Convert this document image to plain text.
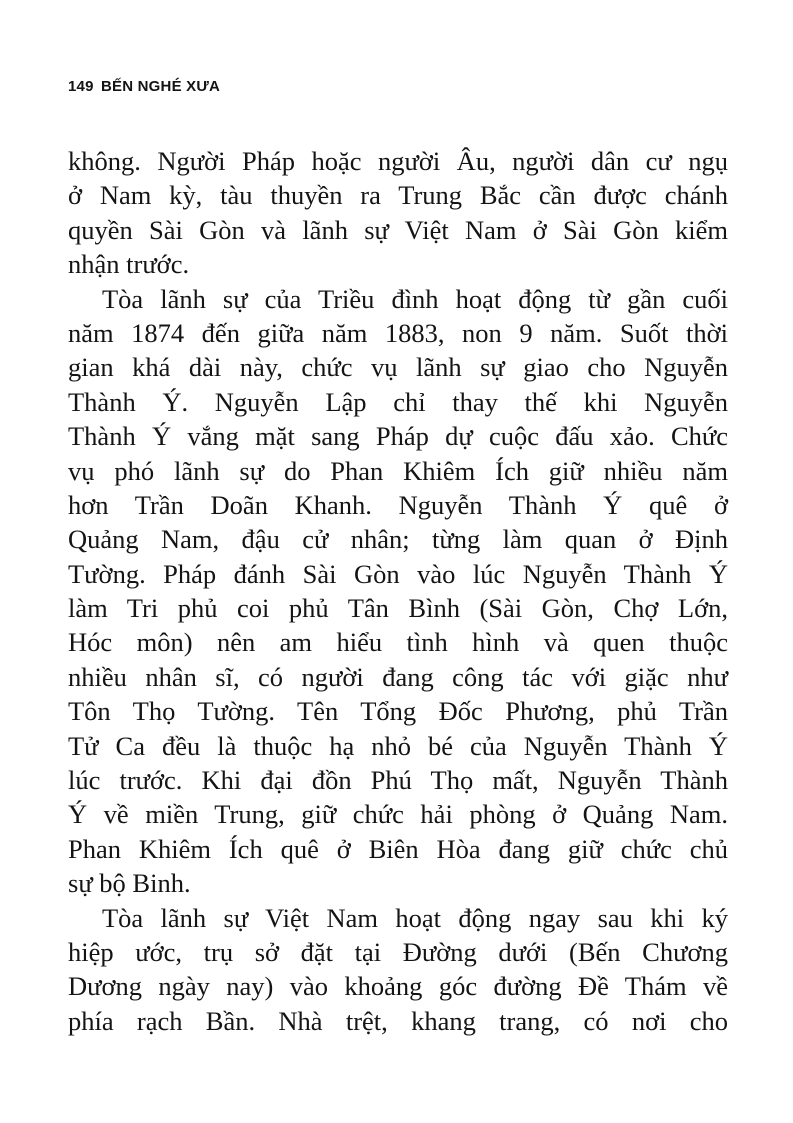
149 BẾN NGHÉ XƯA
không. Người Pháp hoặc người Âu, người dân cư ngụ
ở Nam kỳ, tàu thuyền ra Trung Bắc cần được chánh
quyền Sài Gòn và lãnh sự Việt Nam ở Sài Gòn kiểm
nhận trước.
Tòa lãnh sự của Triều đình hoạt động từ gần cuối
năm 1874 đến giữa năm 1883, non 9 năm. Suốt thời
gian khá dài này, chức vụ lãnh sự giao cho Nguyễn
Thành Ý. Nguyễn Lập chỉ thay thế khi Nguyễn
Thành Ý vắng mặt sang Pháp dự cuộc đấu xảo. Chức
vụ phó lãnh sự do Phan Khiêm Ích giữ nhiều năm
hơn Trần Doãn Khanh. Nguyễn Thành Ý quê ở
Quảng Nam, đậu cử nhân; từng làm quan ở Định
Tường. Pháp đánh Sài Gòn vào lúc Nguyễn Thành Ý
làm Tri phủ coi phủ Tân Bình (Sài Gòn, Chợ Lớn,
Hóc môn) nên am hiểu tình hình và quen thuộc
nhiều nhân sĩ, có người đang công tác với giặc như
Tôn Thọ Tường. Tên Tổng Đốc Phương, phủ Trần
Tử Ca đều là thuộc hạ nhỏ bé của Nguyễn Thành Ý
lúc trước. Khi đại đồn Phú Thọ mất, Nguyễn Thành
Ý về miền Trung, giữ chức hải phòng ở Quảng Nam.
Phan Khiêm Ích quê ở Biên Hòa đang giữ chức chủ
sự bộ Binh.
Tòa lãnh sự Việt Nam hoạt động ngay sau khi ký
hiệp ước, trụ sở đặt tại Đường dưới (Bến Chương
Dương ngày nay) vào khoảng góc đường Đề Thám về
phía rạch Bần. Nhà trệt, khang trang, có nơi cho
